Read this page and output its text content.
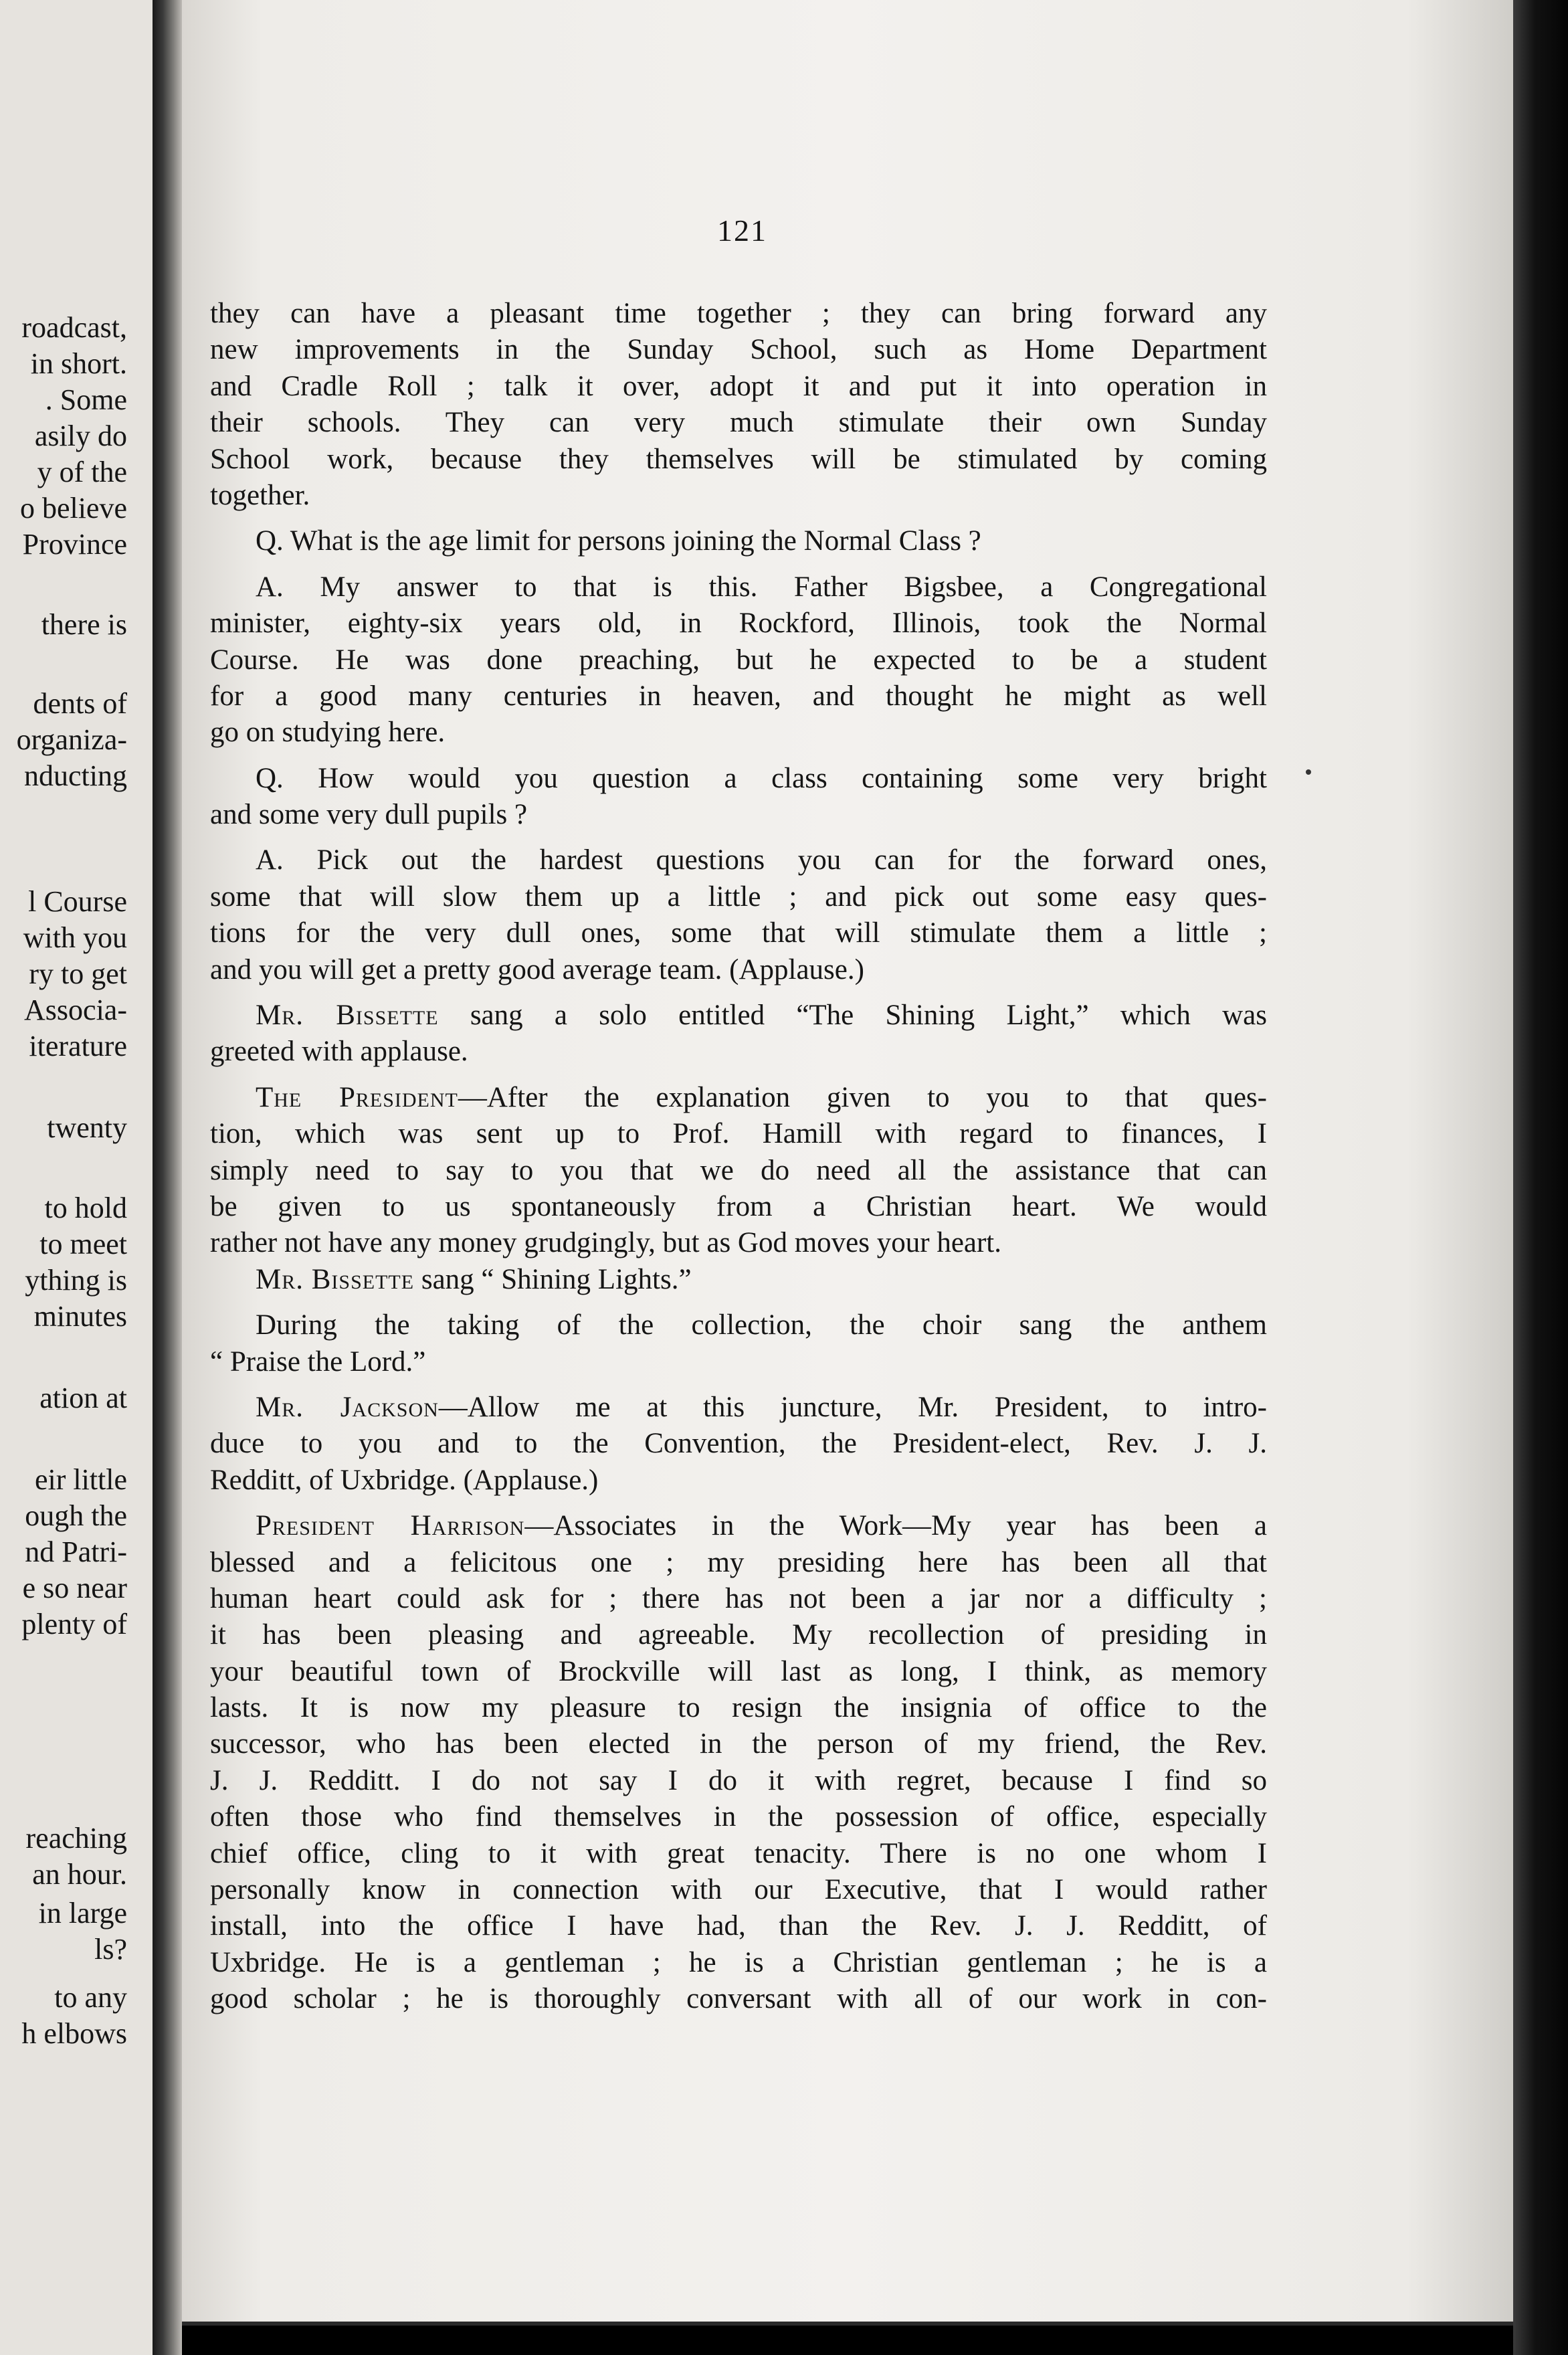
roadcast,
in short.
. Some
asily do
y of the
o believe
Province
there is
dents of
organiza-
nducting
l Course
with you
ry to get
Associa-
iterature
twenty
to hold
to meet
ything is
minutes
ation at
eir little
ough the
nd Patri-
e so near
plenty of
reaching
an hour.
in large
ls?
to any
h elbows
121
they can have a pleasant time together ; they can bring forward any
new improvements in the Sunday School, such as Home Department
and Cradle Roll ; talk it over, adopt it and put it into operation in
their schools. They can very much stimulate their own Sunday
School work, because they themselves will be stimulated by coming
together.
Q. What is the age limit for persons joining the Normal Class ?
A. My answer to that is this. Father Bigsbee, a Congregational
minister, eighty-six years old, in Rockford, Illinois, took the Normal
Course. He was done preaching, but he expected to be a student
for a good many centuries in heaven, and thought he might as well
go on studying here.
Q. How would you question a class containing some very bright
and some very dull pupils ?
A. Pick out the hardest questions you can for the forward ones,
some that will slow them up a little ; and pick out some easy ques-
tions for the very dull ones, some that will stimulate them a little ;
and you will get a pretty good average team. (Applause.)
Mr. Bissette sang a solo entitled “The Shining Light,” which was
greeted with applause.
The President—After the explanation given to you to that ques-
tion, which was sent up to Prof. Hamill with regard to finances, I
simply need to say to you that we do need all the assistance that can
be given to us spontaneously from a Christian heart. We would
rather not have any money grudgingly, but as God moves your heart.
Mr. Bissette sang “ Shining Lights.”
During the taking of the collection, the choir sang the anthem
“ Praise the Lord.”
Mr. Jackson—Allow me at this juncture, Mr. President, to intro-
duce to you and to the Convention, the President-elect, Rev. J. J.
Redditt, of Uxbridge. (Applause.)
President Harrison—Associates in the Work—My year has been a
blessed and a felicitous one ; my presiding here has been all that
human heart could ask for ; there has not been a jar nor a difficulty ;
it has been pleasing and agreeable. My recollection of presiding in
your beautiful town of Brockville will last as long, I think, as memory
lasts. It is now my pleasure to resign the insignia of office to the
successor, who has been elected in the person of my friend, the Rev.
J. J. Redditt. I do not say I do it with regret, because I find so
often those who find themselves in the possession of office, especially
chief office, cling to it with great tenacity. There is no one whom I
personally know in connection with our Executive, that I would rather
install, into the office I have had, than the Rev. J. J. Redditt, of
Uxbridge. He is a gentleman ; he is a Christian gentleman ; he is a
good scholar ; he is thoroughly conversant with all of our work in con-
